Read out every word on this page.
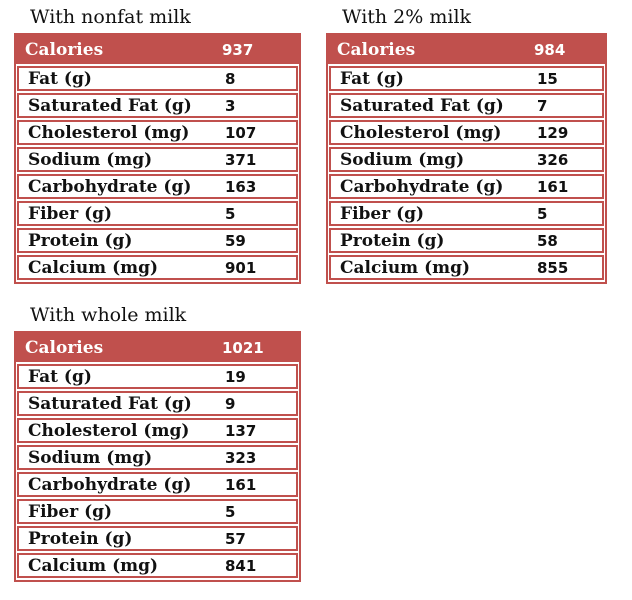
With nonfat milk
Calories	937
Fat (g)	8
Saturated Fat (g)	3
Cholesterol (mg)	107
Sodium (mg)	371
Carbohydrate (g)	163
Fiber (g)	5
Protein (g)	59
Calcium (mg)	901
With 2% milk
Calories	984
Fat (g)	15
Saturated Fat (g)	7
Cholesterol (mg)	129
Sodium (mg)	326
Carbohydrate (g)	161
Fiber (g)	5
Protein (g)	58
Calcium (mg)	855
With whole milk
Calories	1021
Fat (g)	19
Saturated Fat (g)	9
Cholesterol (mg)	137
Sodium (mg)	323
Carbohydrate (g)	161
Fiber (g)	5
Protein (g)	57
Calcium (mg)	841
